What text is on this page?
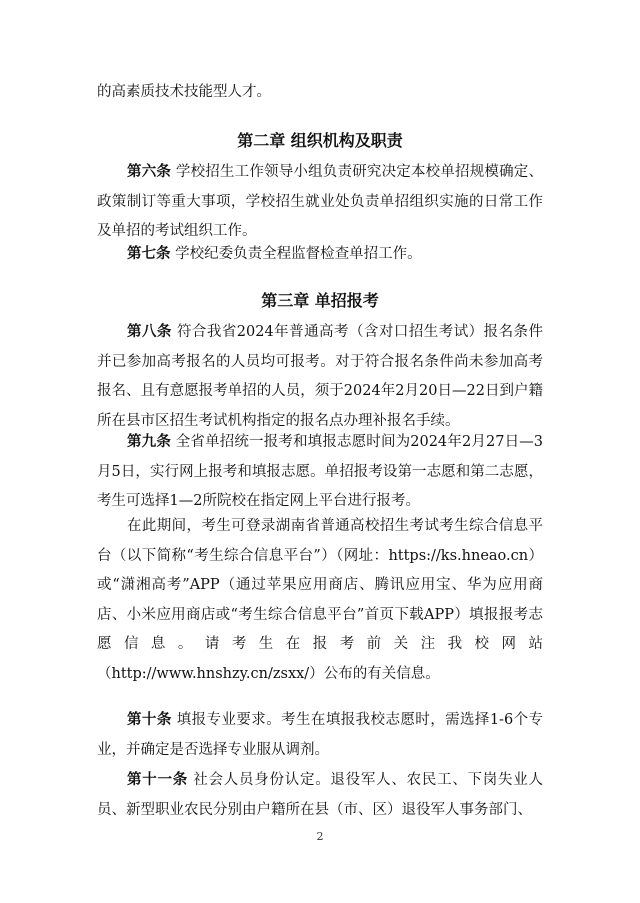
的高素质技术技能型人才。

第二章 组织机构及职责

第六条 学校招生工作领导小组负责研究决定本校单招规模确定、政策制订等重大事项，学校招生就业处负责单招组织实施的日常工作及单招的考试组织工作。

第七条 学校纪委负责全程监督检查单招工作。

第三章 单招报考

第八条 符合我省2024年普通高考（含对口招生考试）报名条件并已参加高考报名的人员均可报考。对于符合报名条件尚未参加高考报名、且有意愿报考单招的人员，须于2024年2月20日—22日到户籍所在县市区招生考试机构指定的报名点办理补报名手续。

第九条 全省单招统一报考和填报志愿时间为2024年2月27日—3月5日，实行网上报考和填报志愿。单招报考设第一志愿和第二志愿，考生可选择1—2所院校在指定网上平台进行报考。

在此期间，考生可登录湖南省普通高校招生考试考生综合信息平台（以下简称“考生综合信息平台”）（网址：https://ks.hneao.cn）或“潇湘高考”APP（通过苹果应用商店、腾讯应用宝、华为应用商店、小米应用商店或“考生综合信息平台”首页下载APP）填报报考志愿信息。请考生在报考前关注我校网站（http://www.hnshzy.cn/zsxx/）公布的有关信息。

第十条 填报专业要求。考生在填报我校志愿时，需选择1-6个专业，并确定是否选择专业服从调剂。

第十一条 社会人员身份认定。退役军人、农民工、下岗失业人员、新型职业农民分别由户籍所在县（市、区）退役军人事务部门、

2
